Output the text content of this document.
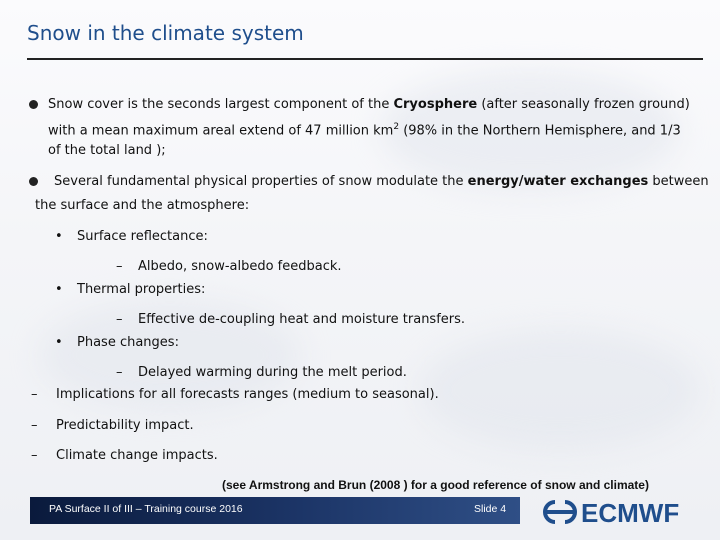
Snow in the climate system
Snow cover is the seconds largest component of the Cryosphere (after seasonally frozen ground)
with a mean maximum areal extend of 47 million $km^2$ (98% in the Northern Hemisphere, and 1/3
of the total land );
Several fundamental physical properties of snow modulate the energy/water exchanges between
the surface and the atmosphere:
• Surface reflectance:
– Albedo, snow-albedo feedback.
• Thermal properties:
– Effective de-coupling heat and moisture transfers.
• Phase changes:
– Delayed warming during the melt period.
– Implications for all forecasts ranges (medium to seasonal).
– Predictability impact.
– Climate change impacts.
(see Armstrong and Brun (2008 ) for a good reference of snow and climate)
PA Surface II of III – Training course 2016	Slide 4	ECMWF
